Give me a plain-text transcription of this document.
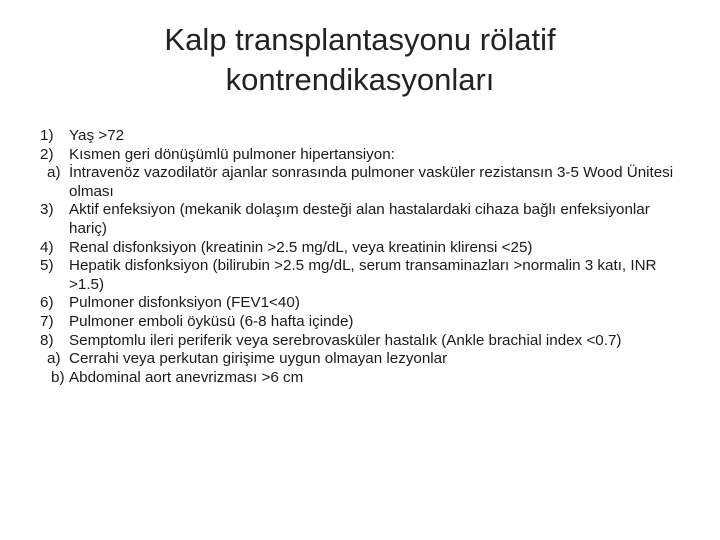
Kalp transplantasyonu rölatif
kontrendikasyonları
1) Yaş >72
2) Kısmen geri dönüşümlü pulmoner hipertansiyon:
a) İntravenöz vazodilatör ajanlar sonrasında pulmoner vasküler rezistansın 3-5 Wood Ünitesi olması
3) Aktif enfeksiyon (mekanik dolaşım desteği alan hastalardaki cihaza bağlı enfeksiyonlar hariç)
4) Renal disfonksiyon (kreatinin >2.5 mg/dL, veya kreatinin klirensi <25)
5) Hepatik disfonksiyon (bilirubin >2.5 mg/dL, serum transaminazları >normalin 3 katı, INR >1.5)
6) Pulmoner disfonksiyon (FEV1<40)
7) Pulmoner emboli öyküsü (6-8 hafta içinde)
8) Semptomlu ileri periferik veya serebrovasküler hastalık (Ankle brachial index <0.7)
a) Cerrahi veya perkutan girişime uygun olmayan lezyonlar
b) Abdominal aort anevrizması >6 cm
